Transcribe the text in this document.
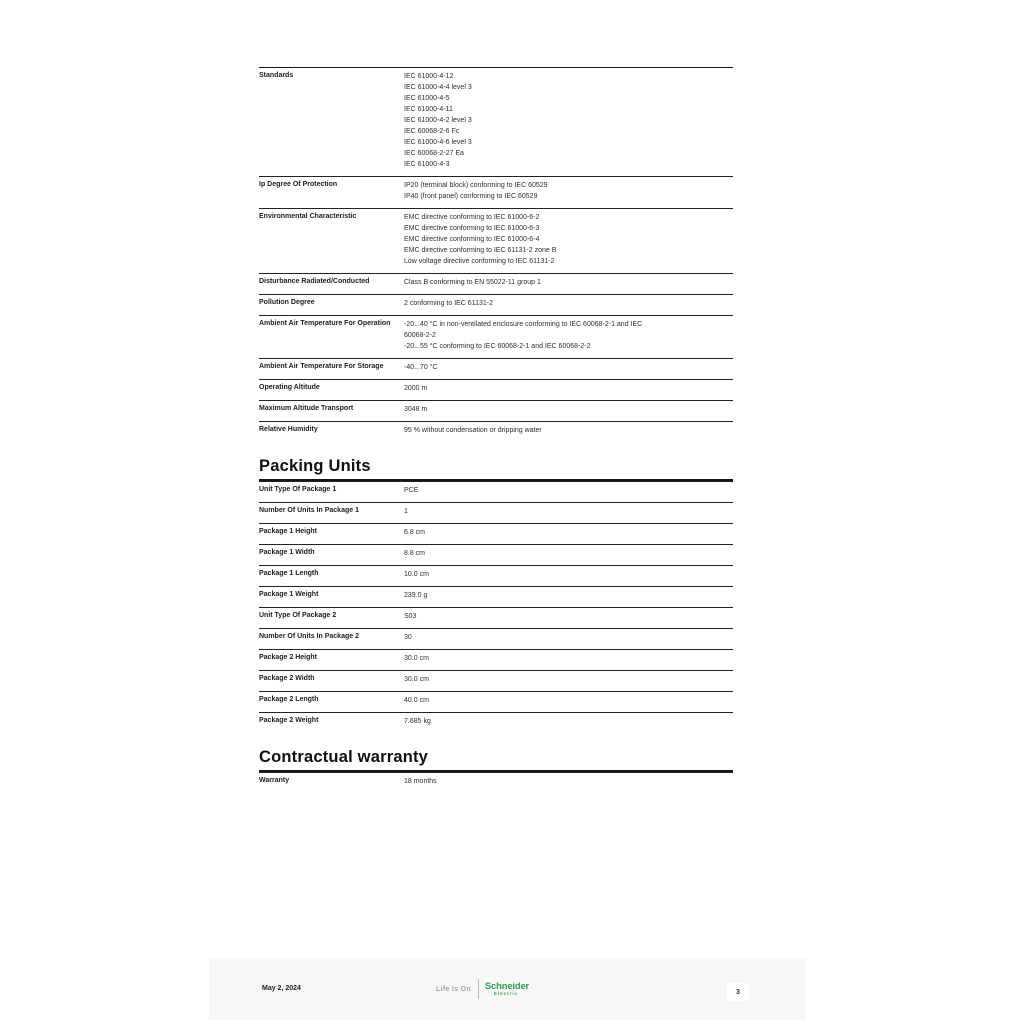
Standards	IEC 61000-4-12
IEC 61000-4-4 level 3
IEC 61000-4-5
IEC 61000-4-11
IEC 61000-4-2 level 3
IEC 60068-2-6 Fc
IEC 61000-4-6 level 3
IEC 60068-2-27 Ea
IEC 61000-4-3
Ip Degree Of Protection	IP20 (terminal block) conforming to IEC 60529
IP40 (front panel) conforming to IEC 60529
Environmental Characteristic	EMC directive conforming to IEC 61000-6-2
EMC directive conforming to IEC 61000-6-3
EMC directive conforming to IEC 61000-6-4
EMC directive conforming to IEC 61131-2 zone B
Low voltage directive conforming to IEC 61131-2
Disturbance Radiated/Conducted	Class B conforming to EN 55022-11 group 1
Pollution Degree	2 conforming to IEC 61131-2
Ambient Air Temperature For Operation	-20...40 °C in non-ventilated enclosure conforming to IEC 60068-2-1 and IEC
60068-2-2
-20...55 °C conforming to IEC 60068-2-1 and IEC 60068-2-2
Ambient Air Temperature For Storage	-40...70 °C
Operating Altitude	2000 m
Maximum Altitude Transport	3048 m
Relative Humidity	95 % without condensation or dripping water
Packing Units
Unit Type Of Package 1	PCE
Number Of Units In Package 1	1
Package 1 Height	6.8 cm
Package 1 Width	8.8 cm
Package 1 Length	10.0 cm
Package 1 Weight	239.0 g
Unit Type Of Package 2	S03
Number Of Units In Package 2	30
Package 2 Height	30.0 cm
Package 2 Width	30.0 cm
Package 2 Length	40.0 cm
Package 2 Weight	7.685 kg
Contractual warranty
Warranty	18 months
May 2, 2024	Life Is On Schneider
Electric	3
